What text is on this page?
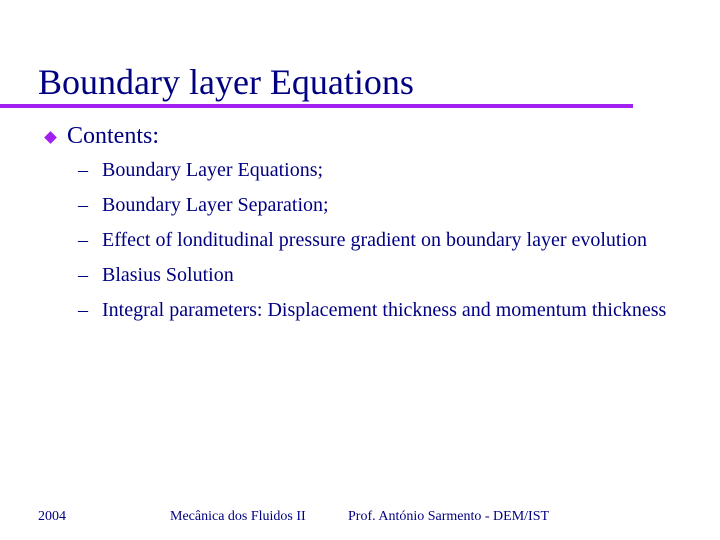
Boundary layer Equations
Contents:
– Boundary Layer Equations;
– Boundary Layer Separation;
– Effect of londitudinal pressure gradient on boundary layer evolution
– Blasius Solution
– Integral parameters: Displacement thickness and momentum thickness
2004	Mecânica dos Fluidos II	Prof. António Sarmento - DEM/IST
